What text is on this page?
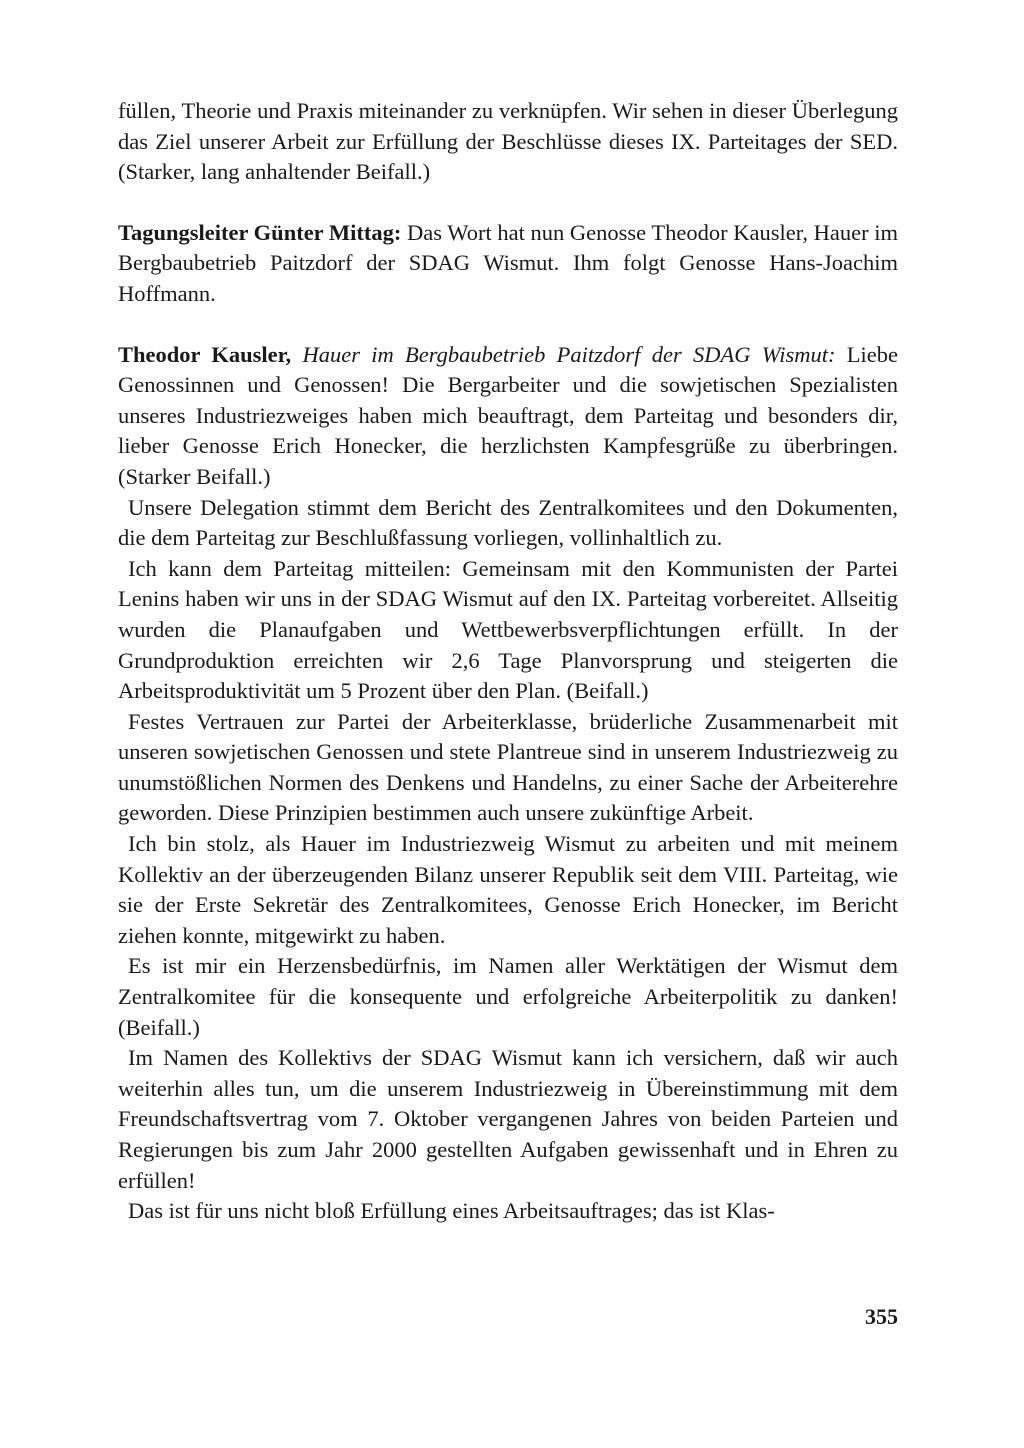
füllen, Theorie und Praxis miteinander zu verknüpfen. Wir sehen in dieser Überlegung das Ziel unserer Arbeit zur Erfüllung der Beschlüsse dieses IX. Parteitages der SED. (Starker, lang anhaltender Beifall.)

Tagungsleiter Günter Mittag: Das Wort hat nun Genosse Theodor Kausler, Hauer im Bergbaubetrieb Paitzdorf der SDAG Wismut. Ihm folgt Genosse Hans-Joachim Hoffmann.

Theodor Kausler, Hauer im Bergbaubetrieb Paitzdorf der SDAG Wismut: Liebe Genossinnen und Genossen! Die Bergarbeiter und die sowjetischen Spezialisten unseres Industriezweiges haben mich beauftragt, dem Parteitag und besonders dir, lieber Genosse Erich Honecker, die herzlichsten Kampfesgrüße zu überbringen. (Starker Beifall.)

Unsere Delegation stimmt dem Bericht des Zentralkomitees und den Dokumenten, die dem Parteitag zur Beschlußfassung vorliegen, vollinhaltlich zu.

Ich kann dem Parteitag mitteilen: Gemeinsam mit den Kommunisten der Partei Lenins haben wir uns in der SDAG Wismut auf den IX. Parteitag vorbereitet. Allseitig wurden die Planaufgaben und Wettbewerbsverpflichtungen erfüllt. In der Grundproduktion erreichten wir 2,6 Tage Planvorsprung und steigerten die Arbeitsproduktivität um 5 Prozent über den Plan. (Beifall.)

Festes Vertrauen zur Partei der Arbeiterklasse, brüderliche Zusammenarbeit mit unseren sowjetischen Genossen und stete Plantreue sind in unserem Industriezweig zu unumstößlichen Normen des Denkens und Handelns, zu einer Sache der Arbeiterehre geworden. Diese Prinzipien bestimmen auch unsere zukünftige Arbeit.

Ich bin stolz, als Hauer im Industriezweig Wismut zu arbeiten und mit meinem Kollektiv an der überzeugenden Bilanz unserer Republik seit dem VIII. Parteitag, wie sie der Erste Sekretär des Zentralkomitees, Genosse Erich Honecker, im Bericht ziehen konnte, mitgewirkt zu haben.

Es ist mir ein Herzensbedürfnis, im Namen aller Werktätigen der Wismut dem Zentralkomitee für die konsequente und erfolgreiche Arbeiterpolitik zu danken! (Beifall.)

Im Namen des Kollektivs der SDAG Wismut kann ich versichern, daß wir auch weiterhin alles tun, um die unserem Industriezweig in Übereinstimmung mit dem Freundschaftsvertrag vom 7. Oktober vergangenen Jahres von beiden Parteien und Regierungen bis zum Jahr 2000 gestellten Aufgaben gewissenhaft und in Ehren zu erfüllen!

Das ist für uns nicht bloß Erfüllung eines Arbeitsauftrages; das ist Klas-

355
